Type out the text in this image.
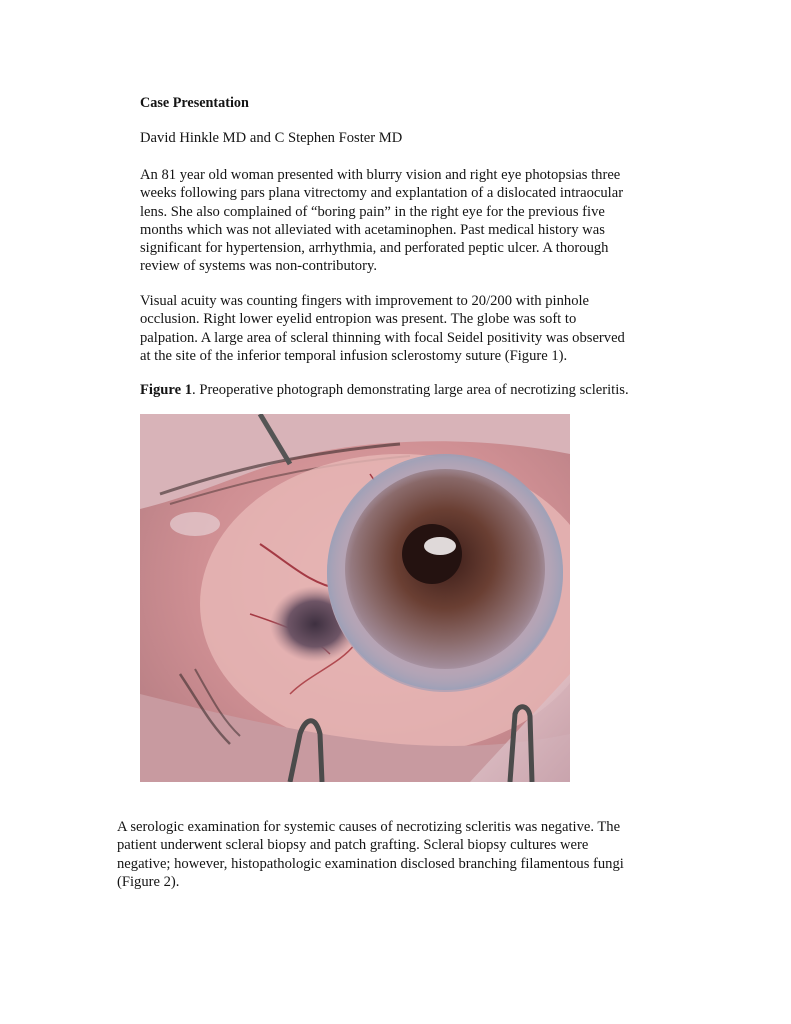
Case Presentation
David Hinkle MD and C Stephen Foster MD
An 81 year old woman presented with blurry vision and right eye photopsias three
weeks following pars plana vitrectomy and explantation of a dislocated intraocular
lens. She also complained of “boring pain” in the right eye for the previous five
months which was not alleviated with acetaminophen. Past medical history was
significant for hypertension, arrhythmia, and perforated peptic ulcer. A thorough
review of systems was non-contributory.
Visual acuity was counting fingers with improvement to 20/200 with pinhole
occlusion. Right lower eyelid entropion was present. The globe was soft to
palpation. A large area of scleral thinning with focal Seidel positivity was observed
at the site of the inferior temporal infusion sclerostomy suture (Figure 1).
Figure 1. Preoperative photograph demonstrating large area of necrotizing scleritis.
A serologic examination for systemic causes of necrotizing scleritis was negative. The
patient underwent scleral biopsy and patch grafting. Scleral biopsy cultures were
negative; however, histopathologic examination disclosed branching filamentous fungi
(Figure 2).
